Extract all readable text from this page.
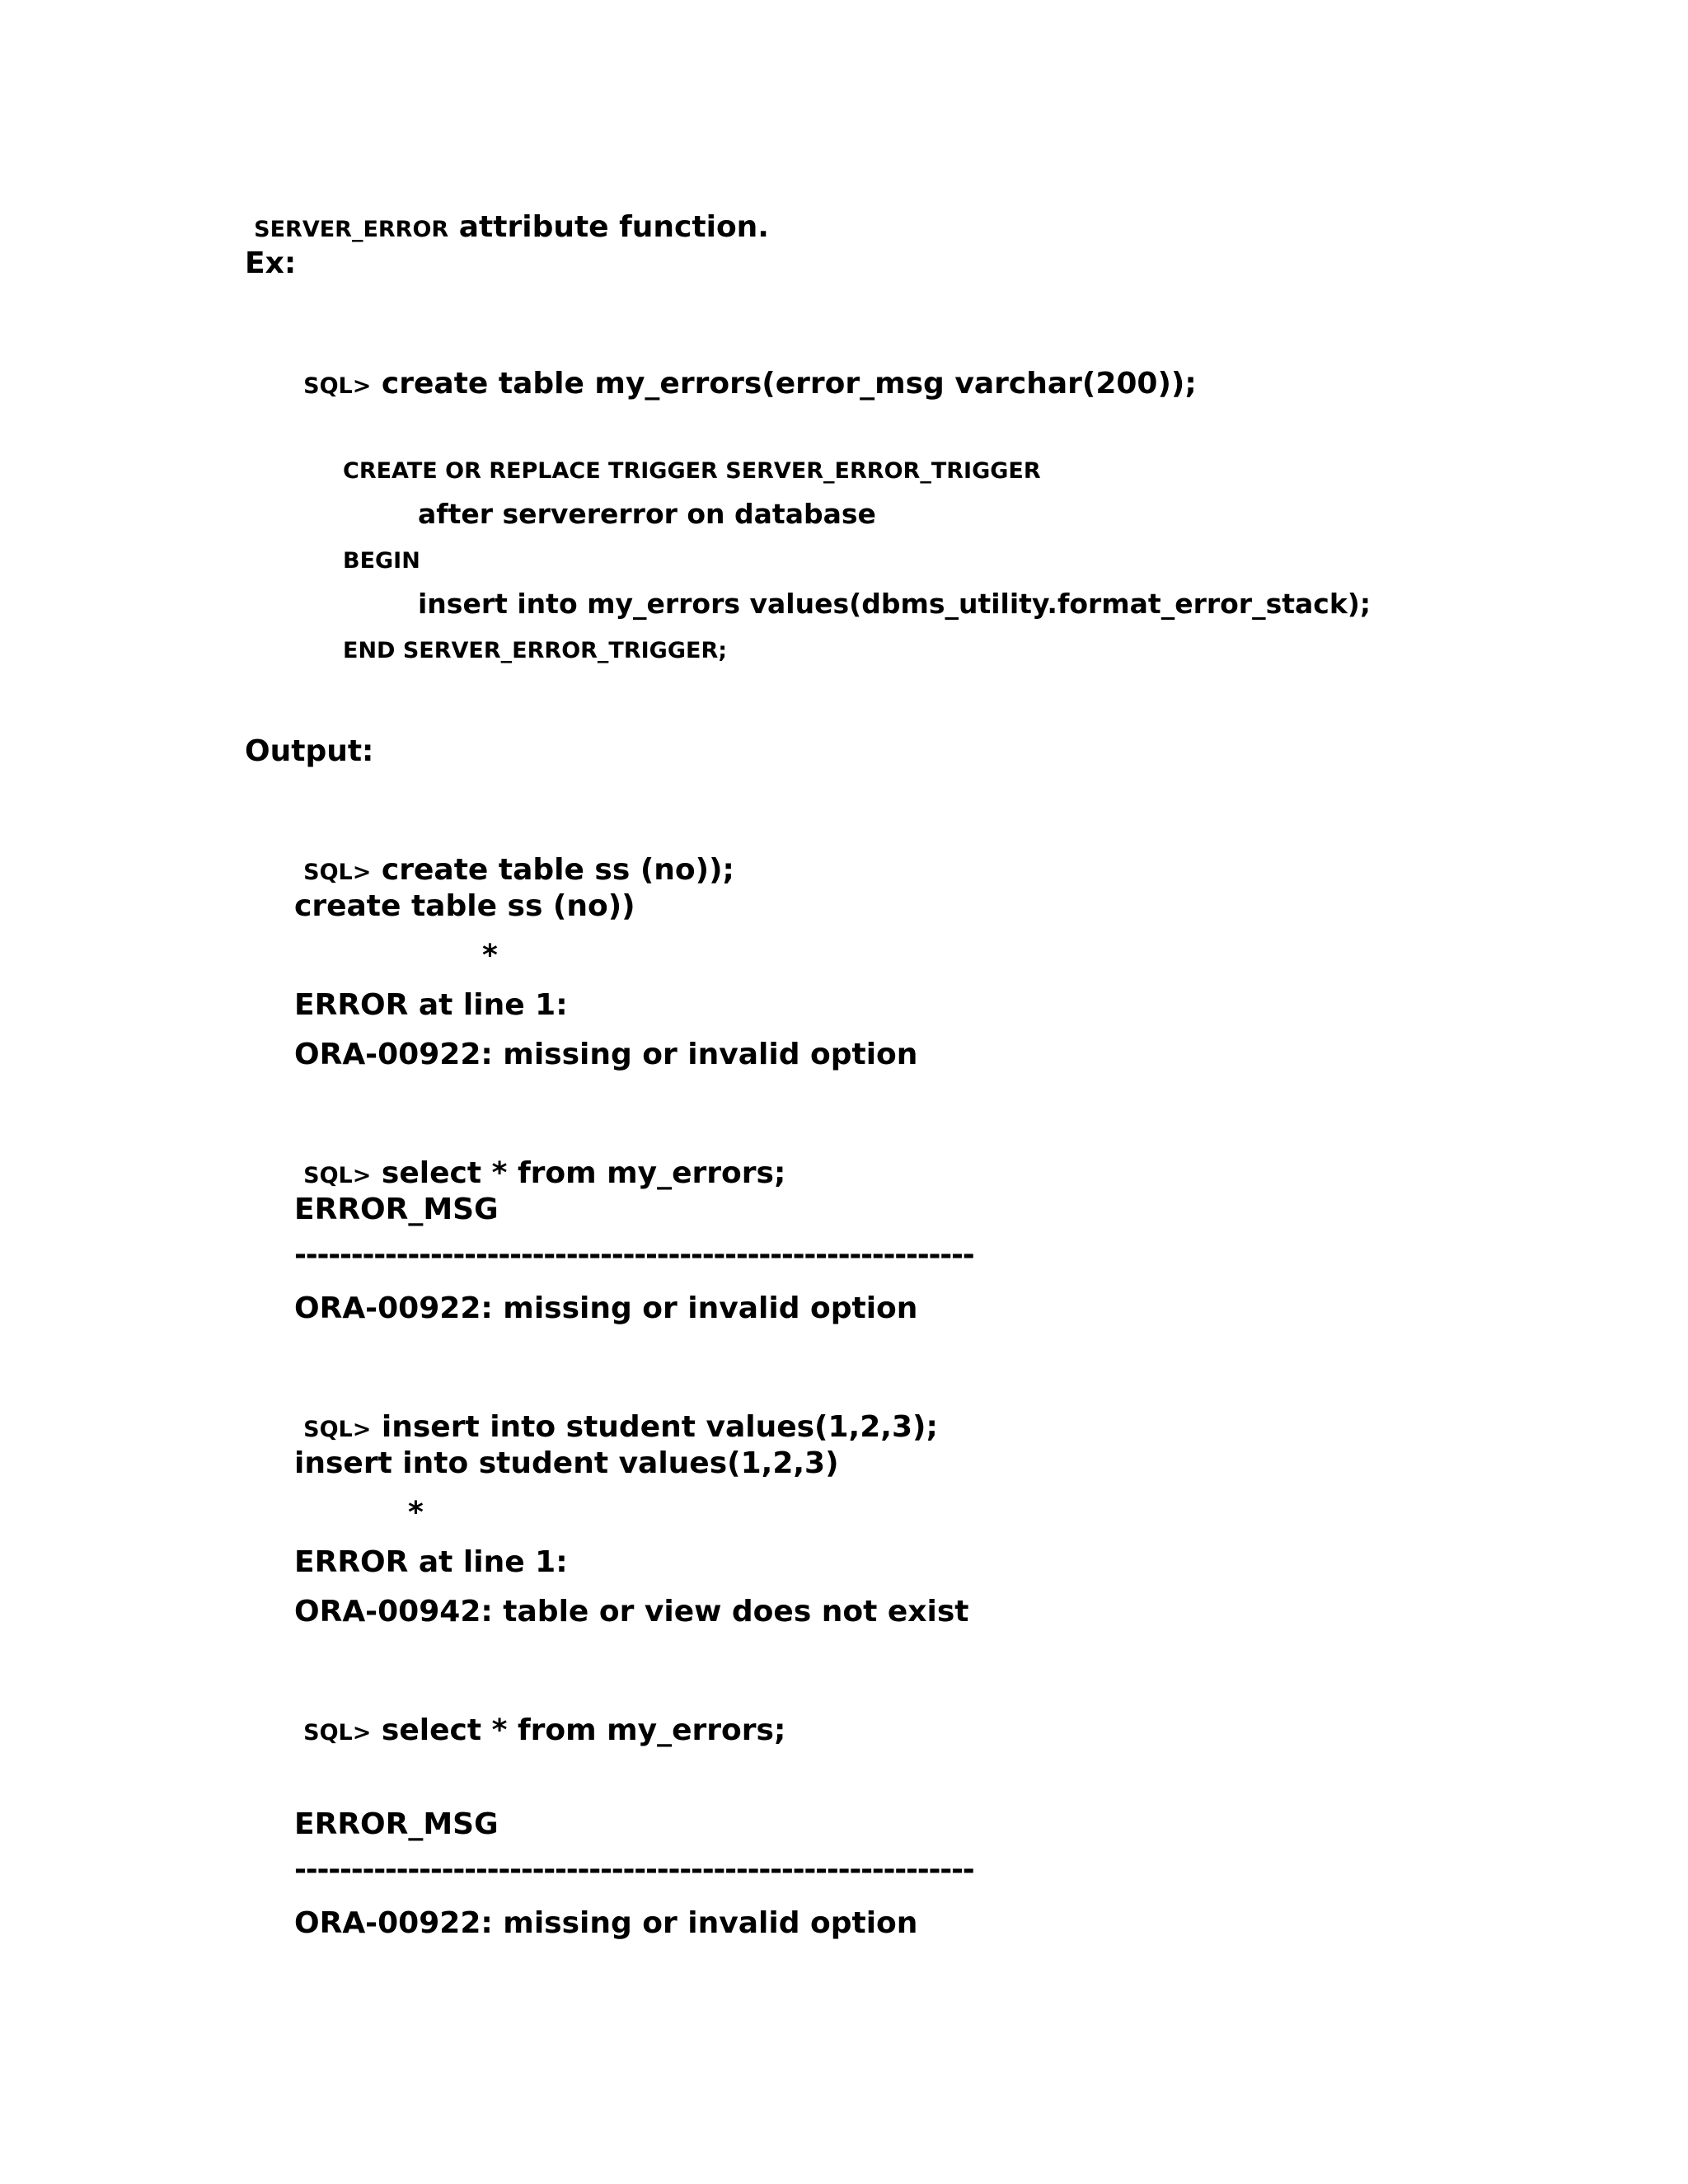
SERVER_ERROR attribute function.

Ex:

SQL> create table my_errors(error_msg varchar(200));

CREATE OR REPLACE TRIGGER SERVER_ERROR_TRIGGER
after servererror on database
BEGIN
insert into my_errors values(dbms_utility.format_error_stack);
END SERVER_ERROR_TRIGGER;
Output:

SQL> create table ss (no));

create table ss (no))
*
ERROR at line 1:
ORA-00922: missing or invalid option

SQL> select * from my_errors;

ERROR_MSG
------------------------------------------------------------
ORA-00922: missing or invalid option

SQL> insert into student values(1,2,3);

insert into student values(1,2,3)
*
ERROR at line 1:
ORA-00942: table or view does not exist

SQL> select * from my_errors;

ERROR_MSG
------------------------------------------------------------
ORA-00922: missing or invalid option
